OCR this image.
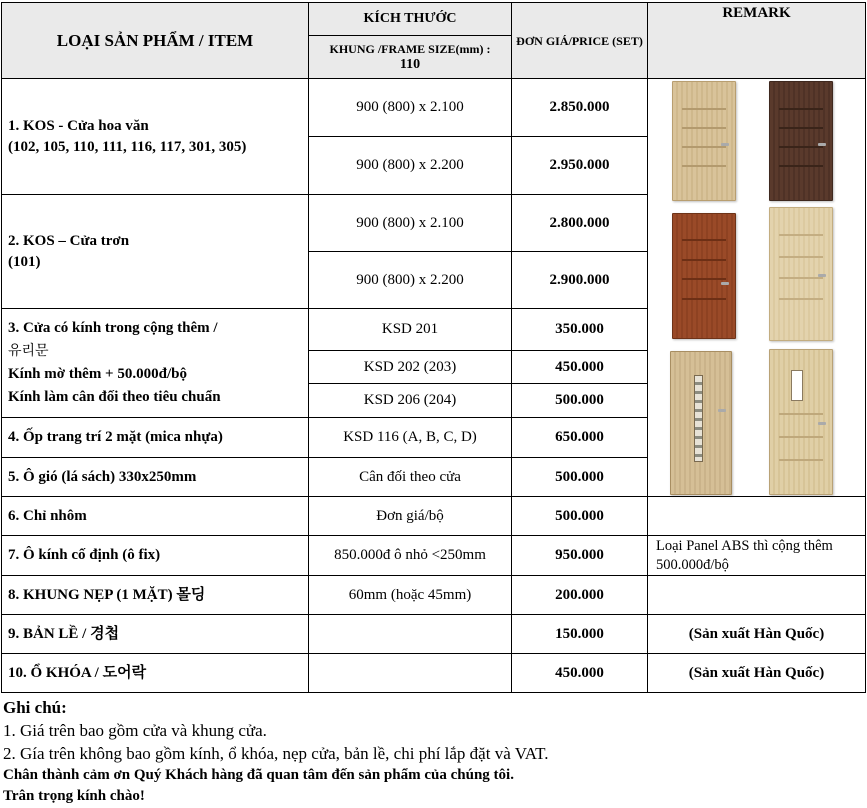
LOẠI SẢN PHẨM / ITEM	KÍCH THƯỚC	ĐƠN GIÁ/PRICE (SET)	REMARK

	KHUNG /FRAME SIZE(mm) :
110		

1. KOS - Cửa hoa văn
(102, 105, 110, 111, 116, 117, 301, 305)	900 (800) x 2.100	2.850.000	

	900 (800) x 2.200	2.950.000	

2. KOS – Cửa trơn
(101)	900 (800) x 2.100	2.800.000	
	900 (800) x 2.200	2.900.000	

3. Cửa có kính trong cộng thêm /
유리문
Kính mờ thêm + 50.000đ/bộ
Kính làm cân đối theo tiêu chuẩn	KSD 201	350.000	
	KSD 202 (203)	450.000	
	KSD 206 (204)	500.000	
4. Ốp trang trí 2 mặt (mica nhựa)	KSD 116 (A, B, C, D)	650.000	
5. Ô gió (lá sách) 330x250mm	Cân đối theo cửa	500.000	
6. Chỉ nhôm	Đơn giá/bộ	500.000	
7. Ô kính cố định (ô fix)	850.000đ ô nhỏ <250mm	950.000	Loại Panel ABS thì cộng thêm 500.000đ/bộ
8. KHUNG NẸP (1 MẶT) 몰딩	60mm (hoặc 45mm)	200.000	
9. BẢN LỀ / 경첩		150.000	(Sản xuất Hàn Quốc)
10. Ổ KHÓA / 도어락		450.000	(Sản xuất Hàn Quốc)
Ghi chú:
1. Giá trên bao gồm cửa và khung cửa.
2. Gía trên không bao gồm kính, ổ khóa, nẹp cửa, bản lề, chi phí lắp đặt và VAT.
Chân thành cảm ơn Quý Khách hàng đã quan tâm đến sản phẩm của chúng tôi.
Trân trọng kính chào!
